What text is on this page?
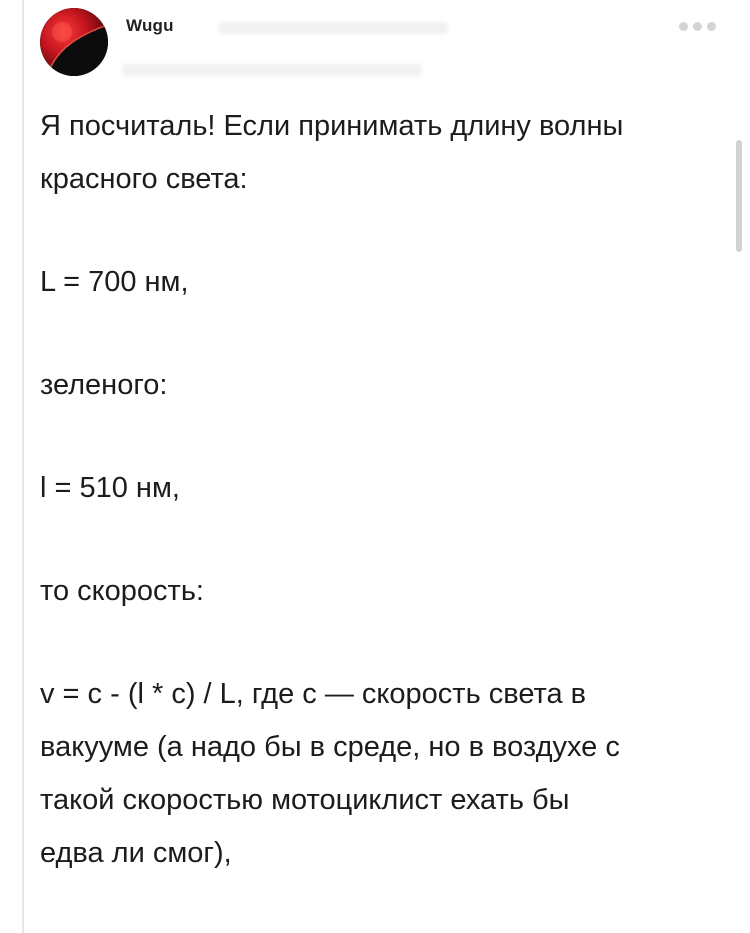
Wugu
Я посчиталь! Если принимать длину волны
красного света:
L = 700 нм,
зеленого:
l = 510 нм,
то скорость:
v = c - (l * c) / L, где c — скорость света в
вакууме (а надо бы в среде, но в воздухе с
такой скоростью мотоциклист ехать бы
едва ли смог),
